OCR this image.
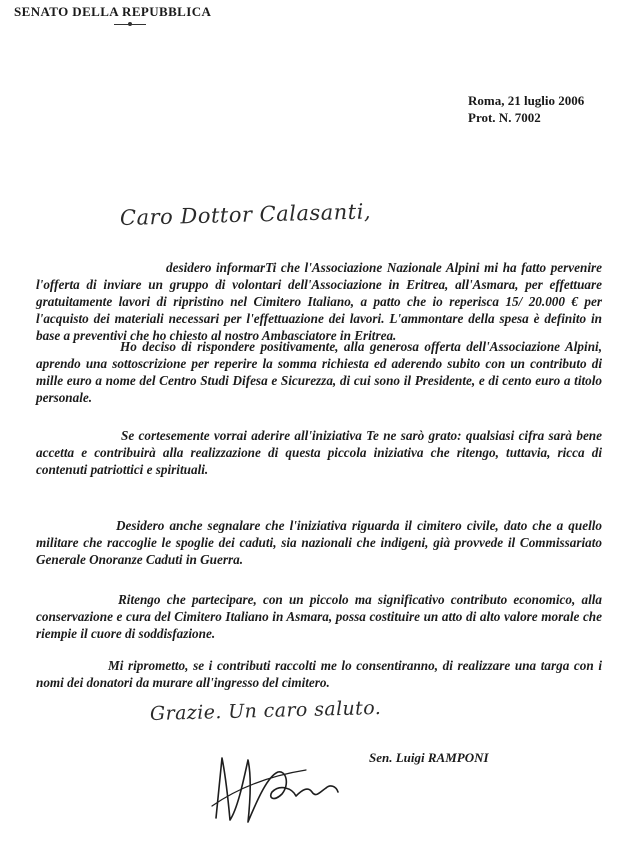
SENATO DELLA REPUBBLICA
Roma, 21 luglio 2006
Prot. N. 7002
Caro Dottor Calasanti,

desidero informarTi che l'Associazione Nazionale Alpini mi ha fatto pervenire l'offerta di inviare un gruppo di volontari dell'Associazione in Eritrea, all'Asmara, per effettuare gratuitamente lavori di ripristino nel Cimitero Italiano, a patto che io reperisca 15/ 20.000 € per l'acquisto dei materiali necessari per l'effettuazione dei lavori. L'ammontare della spesa è definito in base a preventivi che ho chiesto al nostro Ambasciatore in Eritrea.

Ho deciso di rispondere positivamente, alla generosa offerta dell'Associazione Alpini, aprendo una sottoscrizione per reperire la somma richiesta ed aderendo subito con un contributo di mille euro a nome del Centro Studi Difesa e Sicurezza, di cui sono il Presidente, e di cento euro a titolo personale.

Se cortesemente vorrai aderire all'iniziativa Te ne sarò grato: qualsiasi cifra sarà bene accetta e contribuirà alla realizzazione di questa piccola iniziativa che ritengo, tuttavia, ricca di contenuti patriottici e spirituali.

Desidero anche segnalare che l'iniziativa riguarda il cimitero civile, dato che a quello militare che raccoglie le spoglie dei caduti, sia nazionali che indigeni, già provvede il Commissariato Generale Onoranze Caduti in Guerra.

Ritengo che partecipare, con un piccolo ma significativo contributo economico, alla conservazione e cura del Cimitero Italiano in Asmara, possa costituire un atto di alto valore morale che riempie il cuore di soddisfazione.

Mi riprometto, se i contributi raccolti me lo consentiranno, di realizzare una targa con i nomi dei donatori da murare all'ingresso del cimitero.

Grazie. Un caro saluto.
Sen. Luigi RAMPONI
